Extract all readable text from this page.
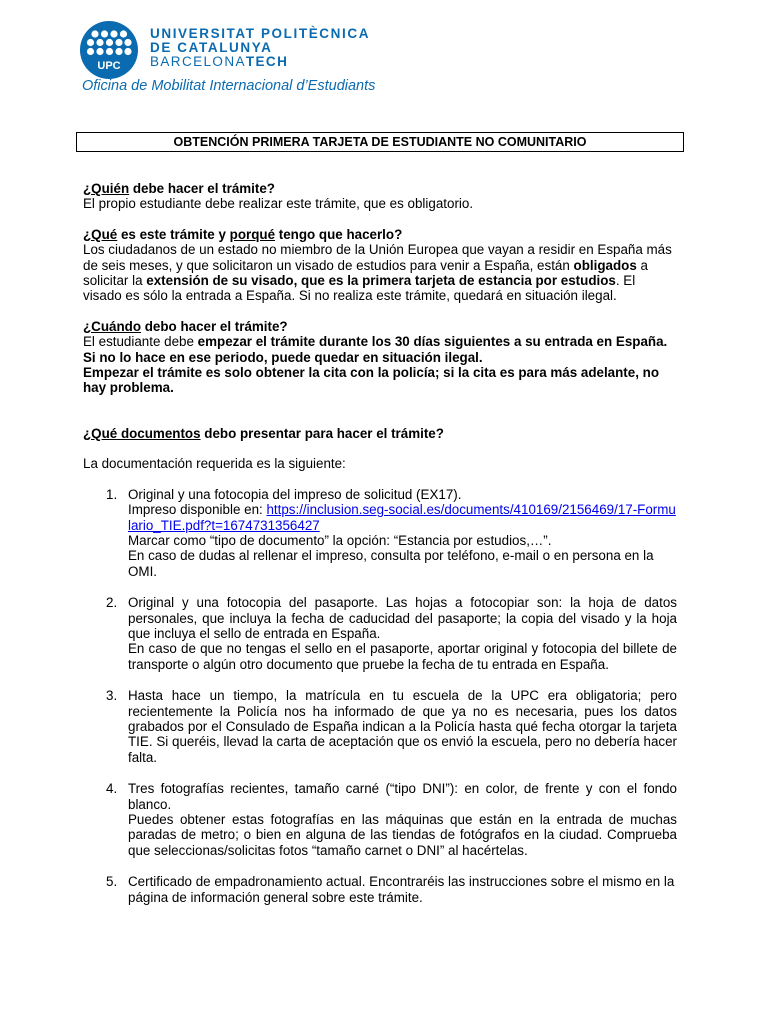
UPC
UNIVERSITAT POLITÈCNICA
DE CATALUNYA
BARCELONATECH
Oficina de Mobilitat Internacional d’Estudiants
OBTENCIÓN PRIMERA TARJETA DE ESTUDIANTE NO COMUNITARIO

¿Quién debe hacer el trámite?

El propio estudiante debe realizar este trámite, que es obligatorio.

¿Qué es este trámite y porqué tengo que hacerlo?

Los ciudadanos de un estado no miembro de la Unión Europea que vayan a residir en España más de seis meses, y que solicitaron un visado de estudios para venir a España, están obligados a solicitar la extensión de su visado, que es la primera tarjeta de estancia por estudios. El visado es sólo la entrada a España. Si no realiza este trámite, quedará en situación ilegal.

¿Cuándo debo hacer el trámite?

El estudiante debe empezar el trámite durante los 30 días siguientes a su entrada en España.

Si no lo hace en ese periodo, puede quedar en situación ilegal.

Empezar el trámite es solo obtener la cita con la policía; si la cita es para más adelante, no hay problema.

¿Qué documentos debo presentar para hacer el trámite?

La documentación requerida es la siguiente:

1. Original y una fotocopia del impreso de solicitud (EX17).

Impreso disponible en: https://inclusion.seg-social.es/documents/410169/2156469/17-Formulario_TIE.pdf?t=1674731356427

Marcar como “tipo de documento” la opción: “Estancia por estudios,…”.

En caso de dudas al rellenar el impreso, consulta por teléfono, e-mail o en persona en la OMI.

2. Original y una fotocopia del pasaporte. Las hojas a fotocopiar son: la hoja de datos personales, que incluya la fecha de caducidad del pasaporte; la copia del visado y la hoja que incluya el sello de entrada en España.

En caso de que no tengas el sello en el pasaporte, aportar original y fotocopia del billete de transporte o algún otro documento que pruebe la fecha de tu entrada en España.

3. Hasta hace un tiempo, la matrícula en tu escuela de la UPC era obligatoria; pero recientemente la Policía nos ha informado de que ya no es necesaria, pues los datos grabados por el Consulado de España indican a la Policía hasta qué fecha otorgar la tarjeta TIE. Si queréis, llevad la carta de aceptación que os envió la escuela, pero no debería hacer falta.

4. Tres fotografías recientes, tamaño carné (“tipo DNI”): en color, de frente y con el fondo blanco.

Puedes obtener estas fotografías en las máquinas que están en la entrada de muchas paradas de metro; o bien en alguna de las tiendas de fotógrafos en la ciudad. Comprueba que seleccionas/solicitas fotos “tamaño carnet o DNI” al hacértelas.

5. Certificado de empadronamiento actual. Encontraréis las instrucciones sobre el mismo en la página de información general sobre este trámite.
